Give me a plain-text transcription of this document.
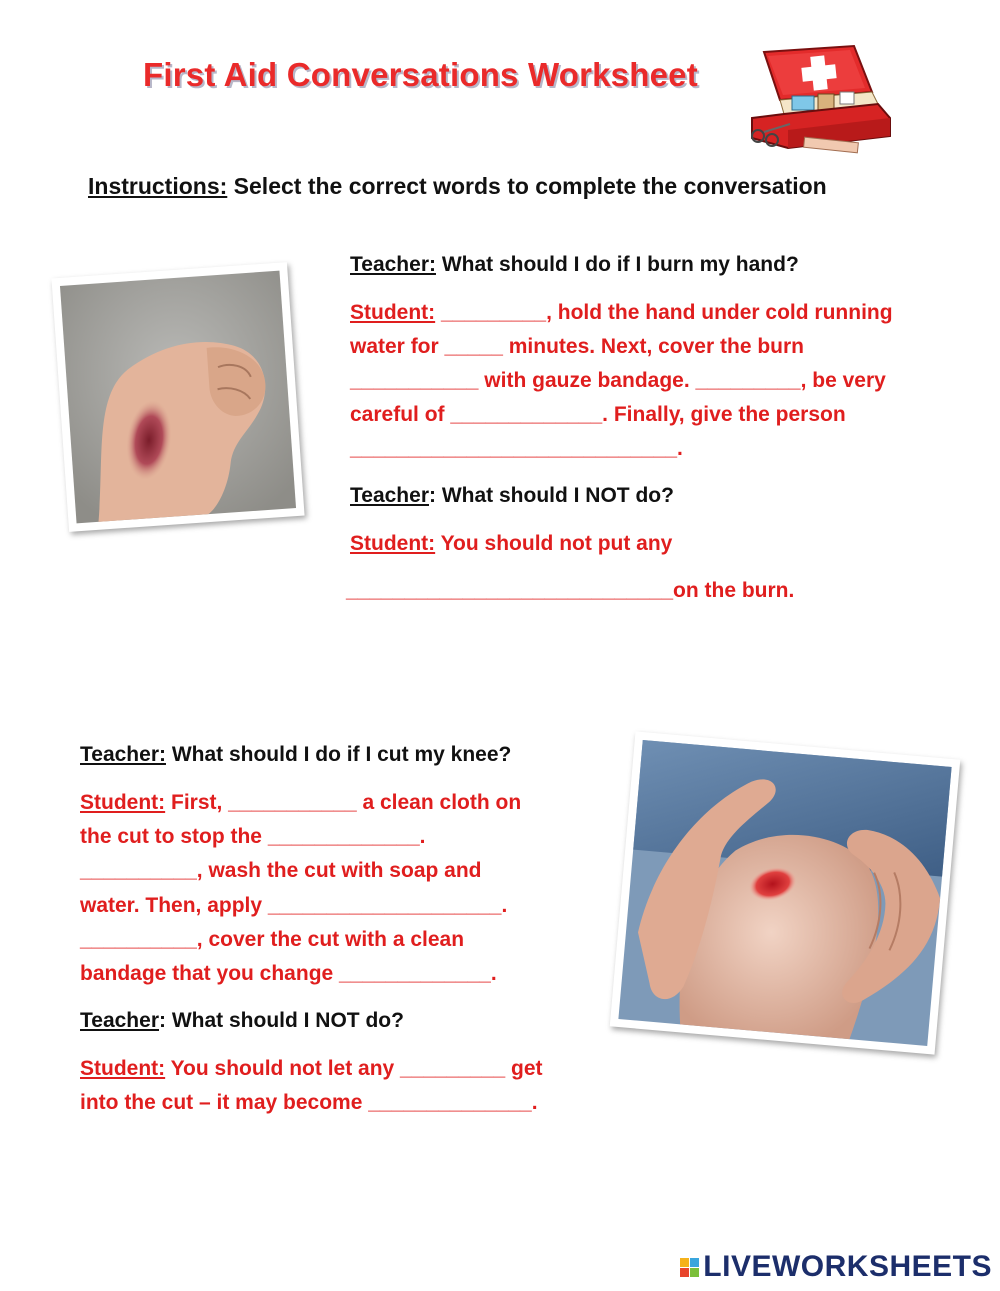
First Aid Conversations Worksheet
Instructions: Select the correct words to complete the conversation
Teacher: What should I do if I burn my hand?
Student: _________, hold the hand under cold running
water for _____ minutes. Next, cover the burn
___________ with gauze bandage. _________, be very
careful of _____________. Finally, give the person
____________________________.
Teacher: What should I NOT do?
Student: You should not put any
____________________________on the burn.
Teacher: What should I do if I cut my knee?
Student: First, ___________ a clean cloth on
the cut to stop the _____________.
__________, wash the cut with soap and
water. Then, apply ____________________.
__________, cover the cut with a clean
bandage that you change _____________.
Teacher: What should I NOT do?
Student: You should not let any _________ get
into the cut – it may become ______________.
LIVEWORKSHEETS
